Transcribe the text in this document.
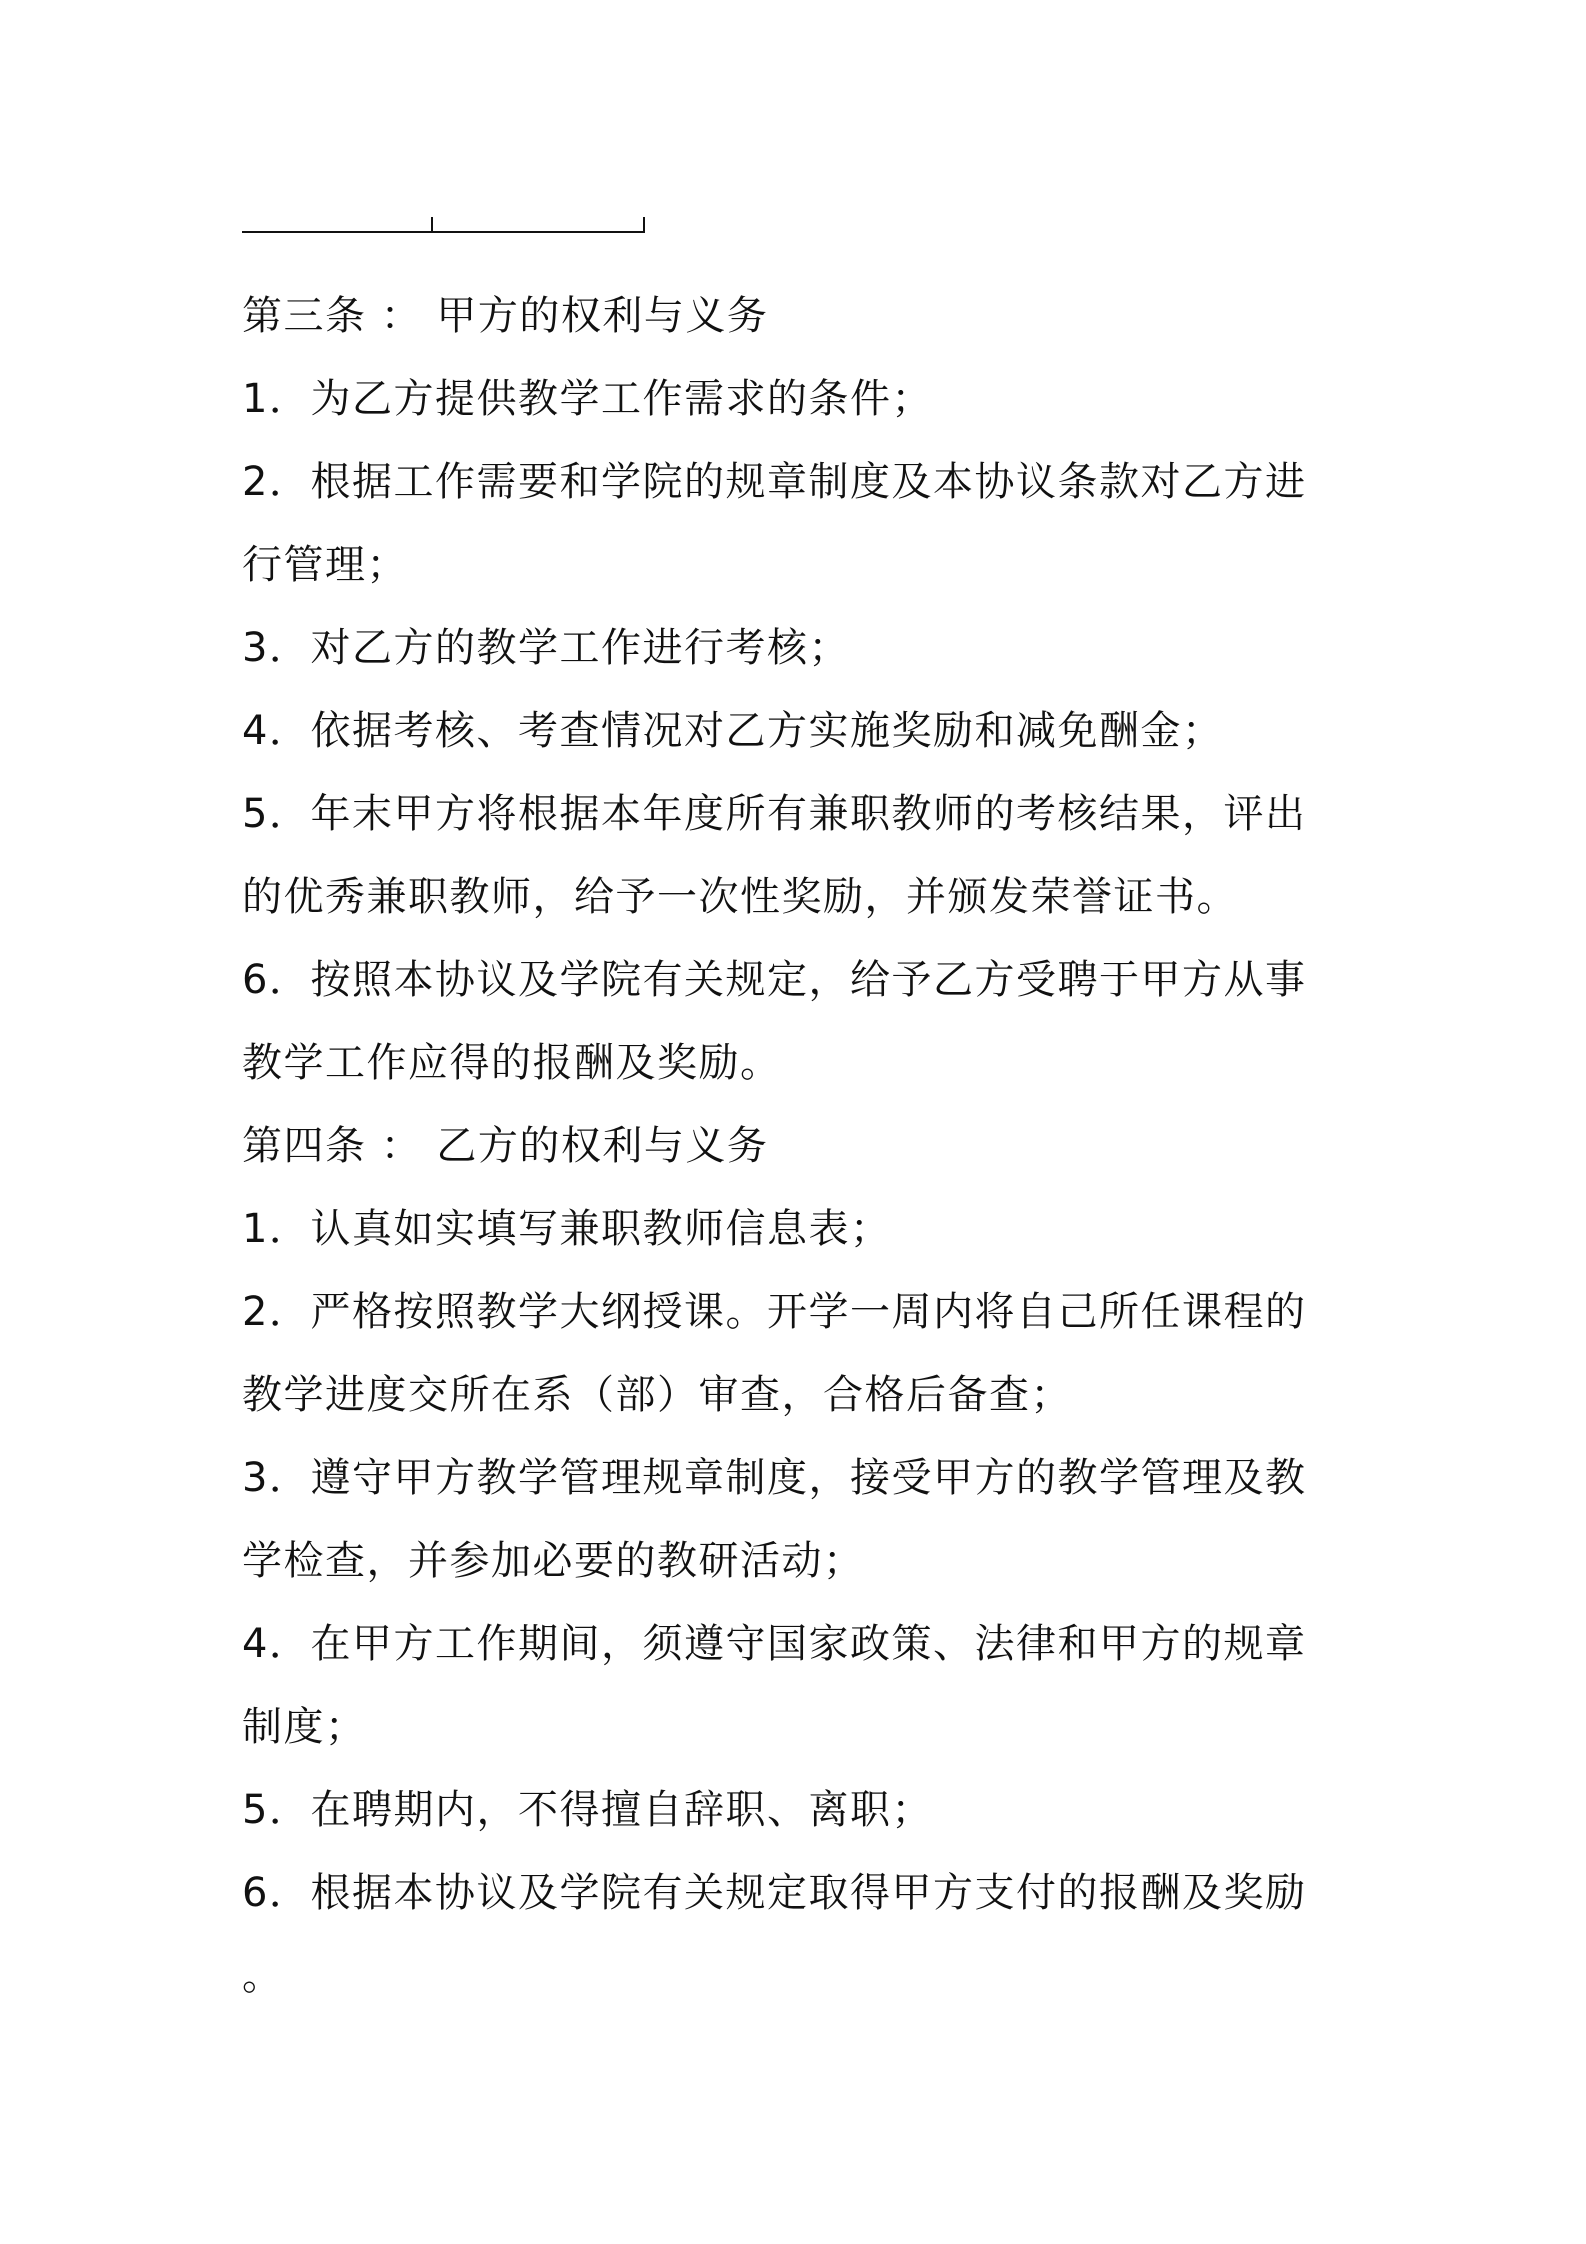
第三条 ： 甲方的权利与义务
1．为乙方提供教学工作需求的条件；
2．根据工作需要和学院的规章制度及本协议条款对乙方进
行管理；
3．对乙方的教学工作进行考核；
4．依据考核、考查情况对乙方实施奖励和减免酬金；
5．年末甲方将根据本年度所有兼职教师的考核结果，评出
的优秀兼职教师，给予一次性奖励，并颁发荣誉证书。
6．按照本协议及学院有关规定，给予乙方受聘于甲方从事
教学工作应得的报酬及奖励。
第四条 ： 乙方的权利与义务
1．认真如实填写兼职教师信息表；
2．严格按照教学大纲授课。开学一周内将自己所任课程的
教学进度交所在系（部）审查，合格后备查；
3．遵守甲方教学管理规章制度，接受甲方的教学管理及教
学检查，并参加必要的教研活动；
4．在甲方工作期间，须遵守国家政策、法律和甲方的规章
制度；
5．在聘期内，不得擅自辞职、离职；
6．根据本协议及学院有关规定取得甲方支付的报酬及奖励
。
